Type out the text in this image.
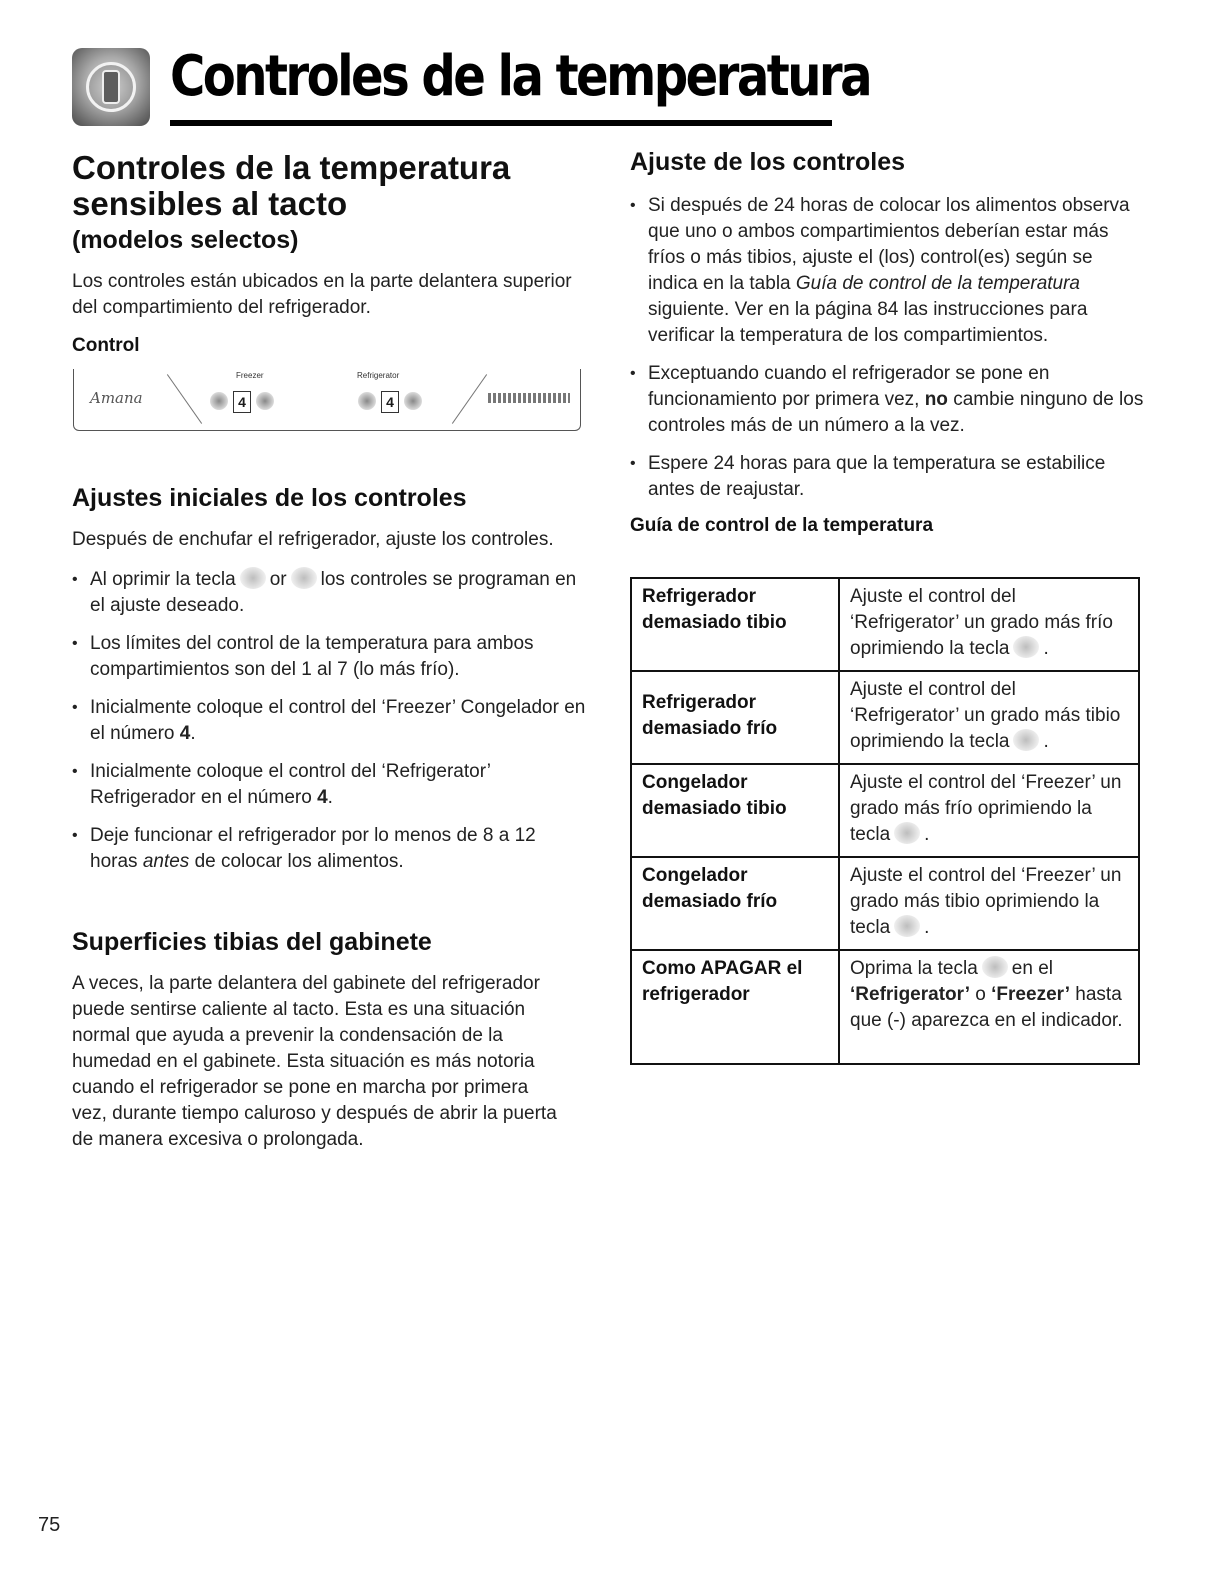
Controles de la temperatura
Controles de la temperatura
sensibles al tacto
(modelos selectos)

Los controles están ubicados en la parte delantera superior del compartimiento del refrigerador.

Control
Amana
Freezer
4
Refrigerator
4
Ajustes iniciales de los controles

Después de enchufar el refrigerador, ajuste los controles.

• Al oprimir la tecla or los controles se programan en el ajuste deseado.
• Los límites del control de la temperatura para ambos compartimientos son del 1 al 7 (lo más frío).
• Inicialmente coloque el control del ‘Freezer’ Congelador en el número 4.
• Inicialmente coloque el control del ‘Refrigerator’ Refrigerador en el número 4.
• Deje funcionar el refrigerador por lo menos de 8 a 12 horas antes de colocar los alimentos.
Superficies tibias del gabinete

A veces, la parte delantera del gabinete del refrigerador puede sentirse caliente al tacto. Esta es una situación normal que ayuda a prevenir la condensación de la humedad en el gabinete. Esta situación es más notoria cuando el refrigerador se pone en marcha por primera vez, durante tiempo caluroso y después de abrir la puerta de manera excesiva o prolongada.

Ajuste de los controles
• Si después de 24 horas de colocar los alimentos observa que uno o ambos compartimientos deberían estar más fríos o más tibios, ajuste el (los) control(es) según se indica en la tabla Guía de control de la temperatura siguiente. Ver en la página 84 las instrucciones para verificar la temperatura de los compartimientos.
• Exceptuando cuando el refrigerador se pone en funcionamiento por primera vez, no cambie ninguno de los controles más de un número a la vez.
• Espere 24 horas para que la temperatura se estabilice antes de reajustar.
Guía de control de la temperatura
Refrigerador demasiado tibio	Ajuste el control del ‘Refrigerator’ un grado más frío oprimiendo la tecla .
Refrigerador demasiado frío	Ajuste el control del ‘Refrigerator’ un grado más tibio oprimiendo la tecla .
Congelador demasiado tibio	Ajuste el control del ‘Freezer’ un grado más frío oprimiendo la tecla .
Congelador demasiado frío	Ajuste el control del ‘Freezer’ un grado más tibio oprimiendo la tecla .
Como APAGAR el refrigerador	Oprima la tecla en el ‘Refrigerator’ o ‘Freezer’ hasta que (-) aparezca en el indicador.
75
